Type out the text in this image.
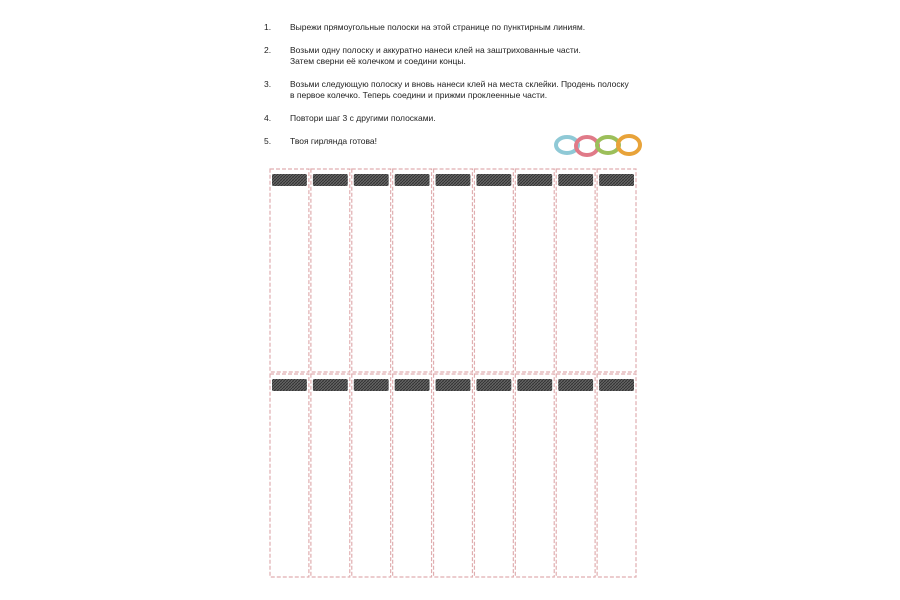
1.	Вырежи прямоугольные полоски на этой странице по пунктирным линиям.
2.	Возьми одну полоску и аккуратно нанеси клей на заштрихованные части.
Затем сверни её колечком и соедини концы.
3.	Возьми следующую полоску и вновь нанеси клей на места склейки. Продень полоску
в первое колечко. Теперь соедини и прижми проклеенные части.
4.	Повтори шаг 3 с другими полосками.
5.	Твоя гирлянда готова!
